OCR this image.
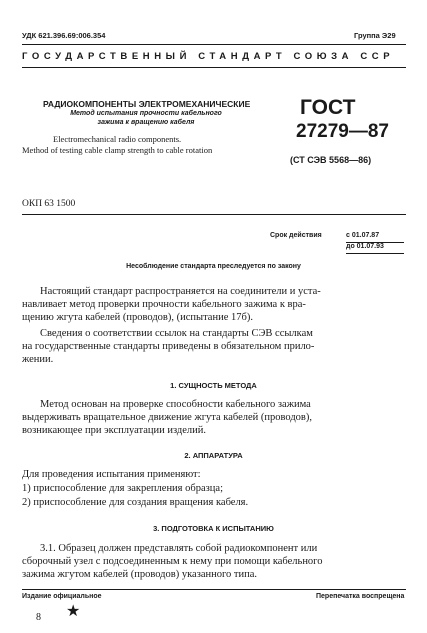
УДК 621.396.69:006.354	Группа Э29
ГОСУДАРСТВЕННЫЙ СТАНДАРТ СОЮЗА ССР
РАДИОКОМПОНЕНТЫ ЭЛЕКТРОМЕХАНИЧЕСКИЕ
Метод испытания прочности кабельного
зажима к вращению кабеля
Electromechanical radio components.
Method of testing cable clamp strength to cable rotation
ГОСТ
27279—87
(СТ СЭВ 5568—86)
ОКП 63 1500
Срок действия	с 01.07.87
до 01.07.93
Несоблюдение стандарта преследуется по закону
Настоящий стандарт распространяется на соединители и уста-
навливает метод проверки прочности кабельного зажима к вра-
щению жгута кабелей (проводов), (испытание 17б).
Сведения о соответствии ссылок на стандарты СЭВ ссылкам
на государственные стандарты приведены в обязательном прило-
жении.
1. СУЩНОСТЬ МЕТОДА
Метод основан на проверке способности кабельного зажима
выдерживать вращательное движение жгута кабелей (проводов),
возникающее при эксплуатации изделий.
2. АППАРАТУРА
Для проведения испытания применяют:
1) приспособление для закрепления образца;
2) приспособление для создания вращения кабеля.
3. ПОДГОТОВКА К ИСПЫТАНИЮ
3.1. Образец должен представлять собой радиокомпонент или
сборочный узел с подсоединенным к нему при помощи кабельного
зажима жгутом кабелей (проводов) указанного типа.
Издание официальное	Перепечатка воспрещена
★
8
